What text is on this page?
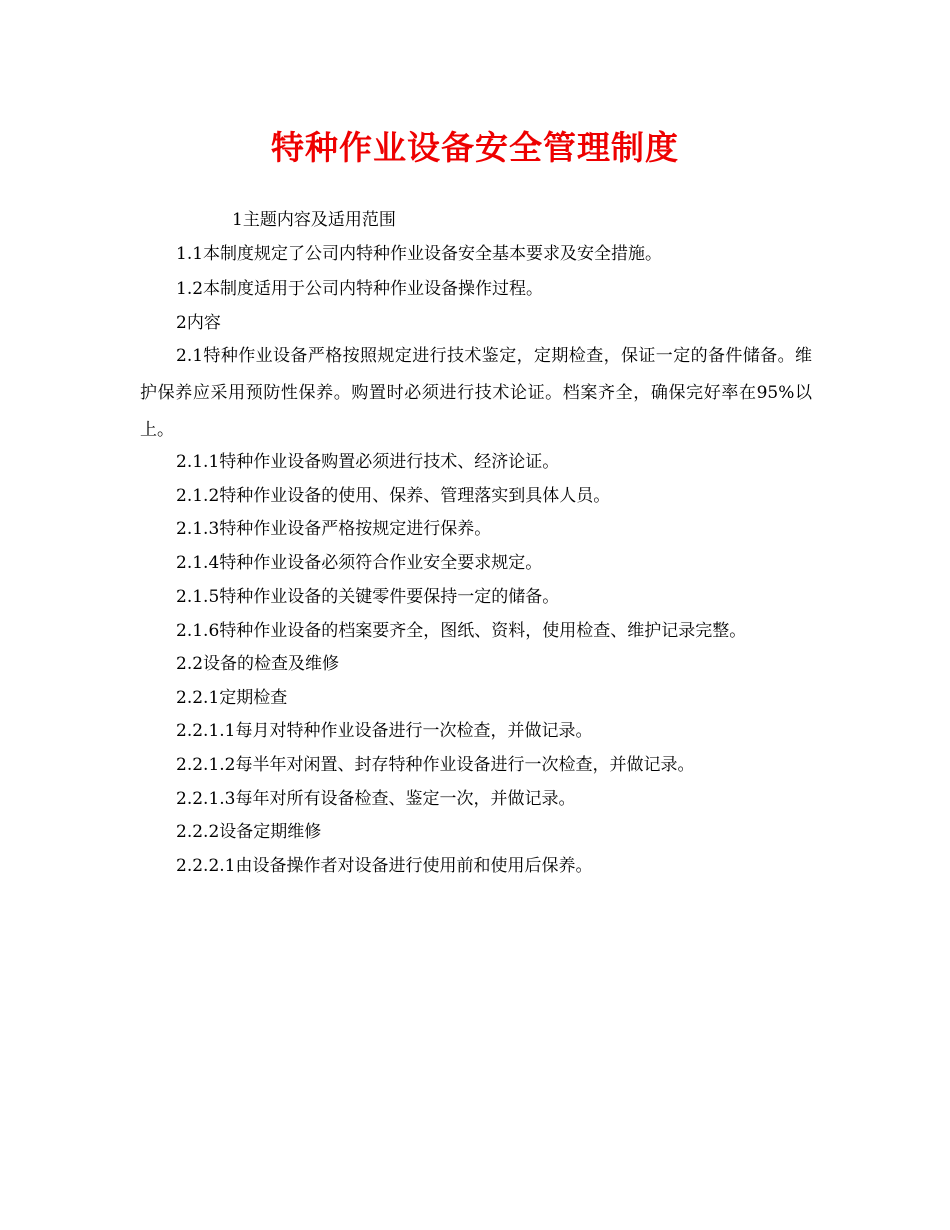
特种作业设备安全管理制度
1主题内容及适用范围
1.1本制度规定了公司内特种作业设备安全基本要求及安全措施。
1.2本制度适用于公司内特种作业设备操作过程。
2内容
2.1特种作业设备严格按照规定进行技术鉴定，定期检查，保证一定的备件储备。维护保养应采用预防性保养。购置时必须进行技术论证。档案齐全，确保完好率在95%以上。
2.1.1特种作业设备购置必须进行技术、经济论证。
2.1.2特种作业设备的使用、保养、管理落实到具体人员。
2.1.3特种作业设备严格按规定进行保养。
2.1.4特种作业设备必须符合作业安全要求规定。
2.1.5特种作业设备的关键零件要保持一定的储备。
2.1.6特种作业设备的档案要齐全，图纸、资料，使用检查、维护记录完整。
2.2设备的检查及维修
2.2.1定期检查
2.2.1.1每月对特种作业设备进行一次检查，并做记录。
2.2.1.2每半年对闲置、封存特种作业设备进行一次检查，并做记录。
2.2.1.3每年对所有设备检查、鉴定一次，并做记录。
2.2.2设备定期维修
2.2.2.1由设备操作者对设备进行使用前和使用后保养。
